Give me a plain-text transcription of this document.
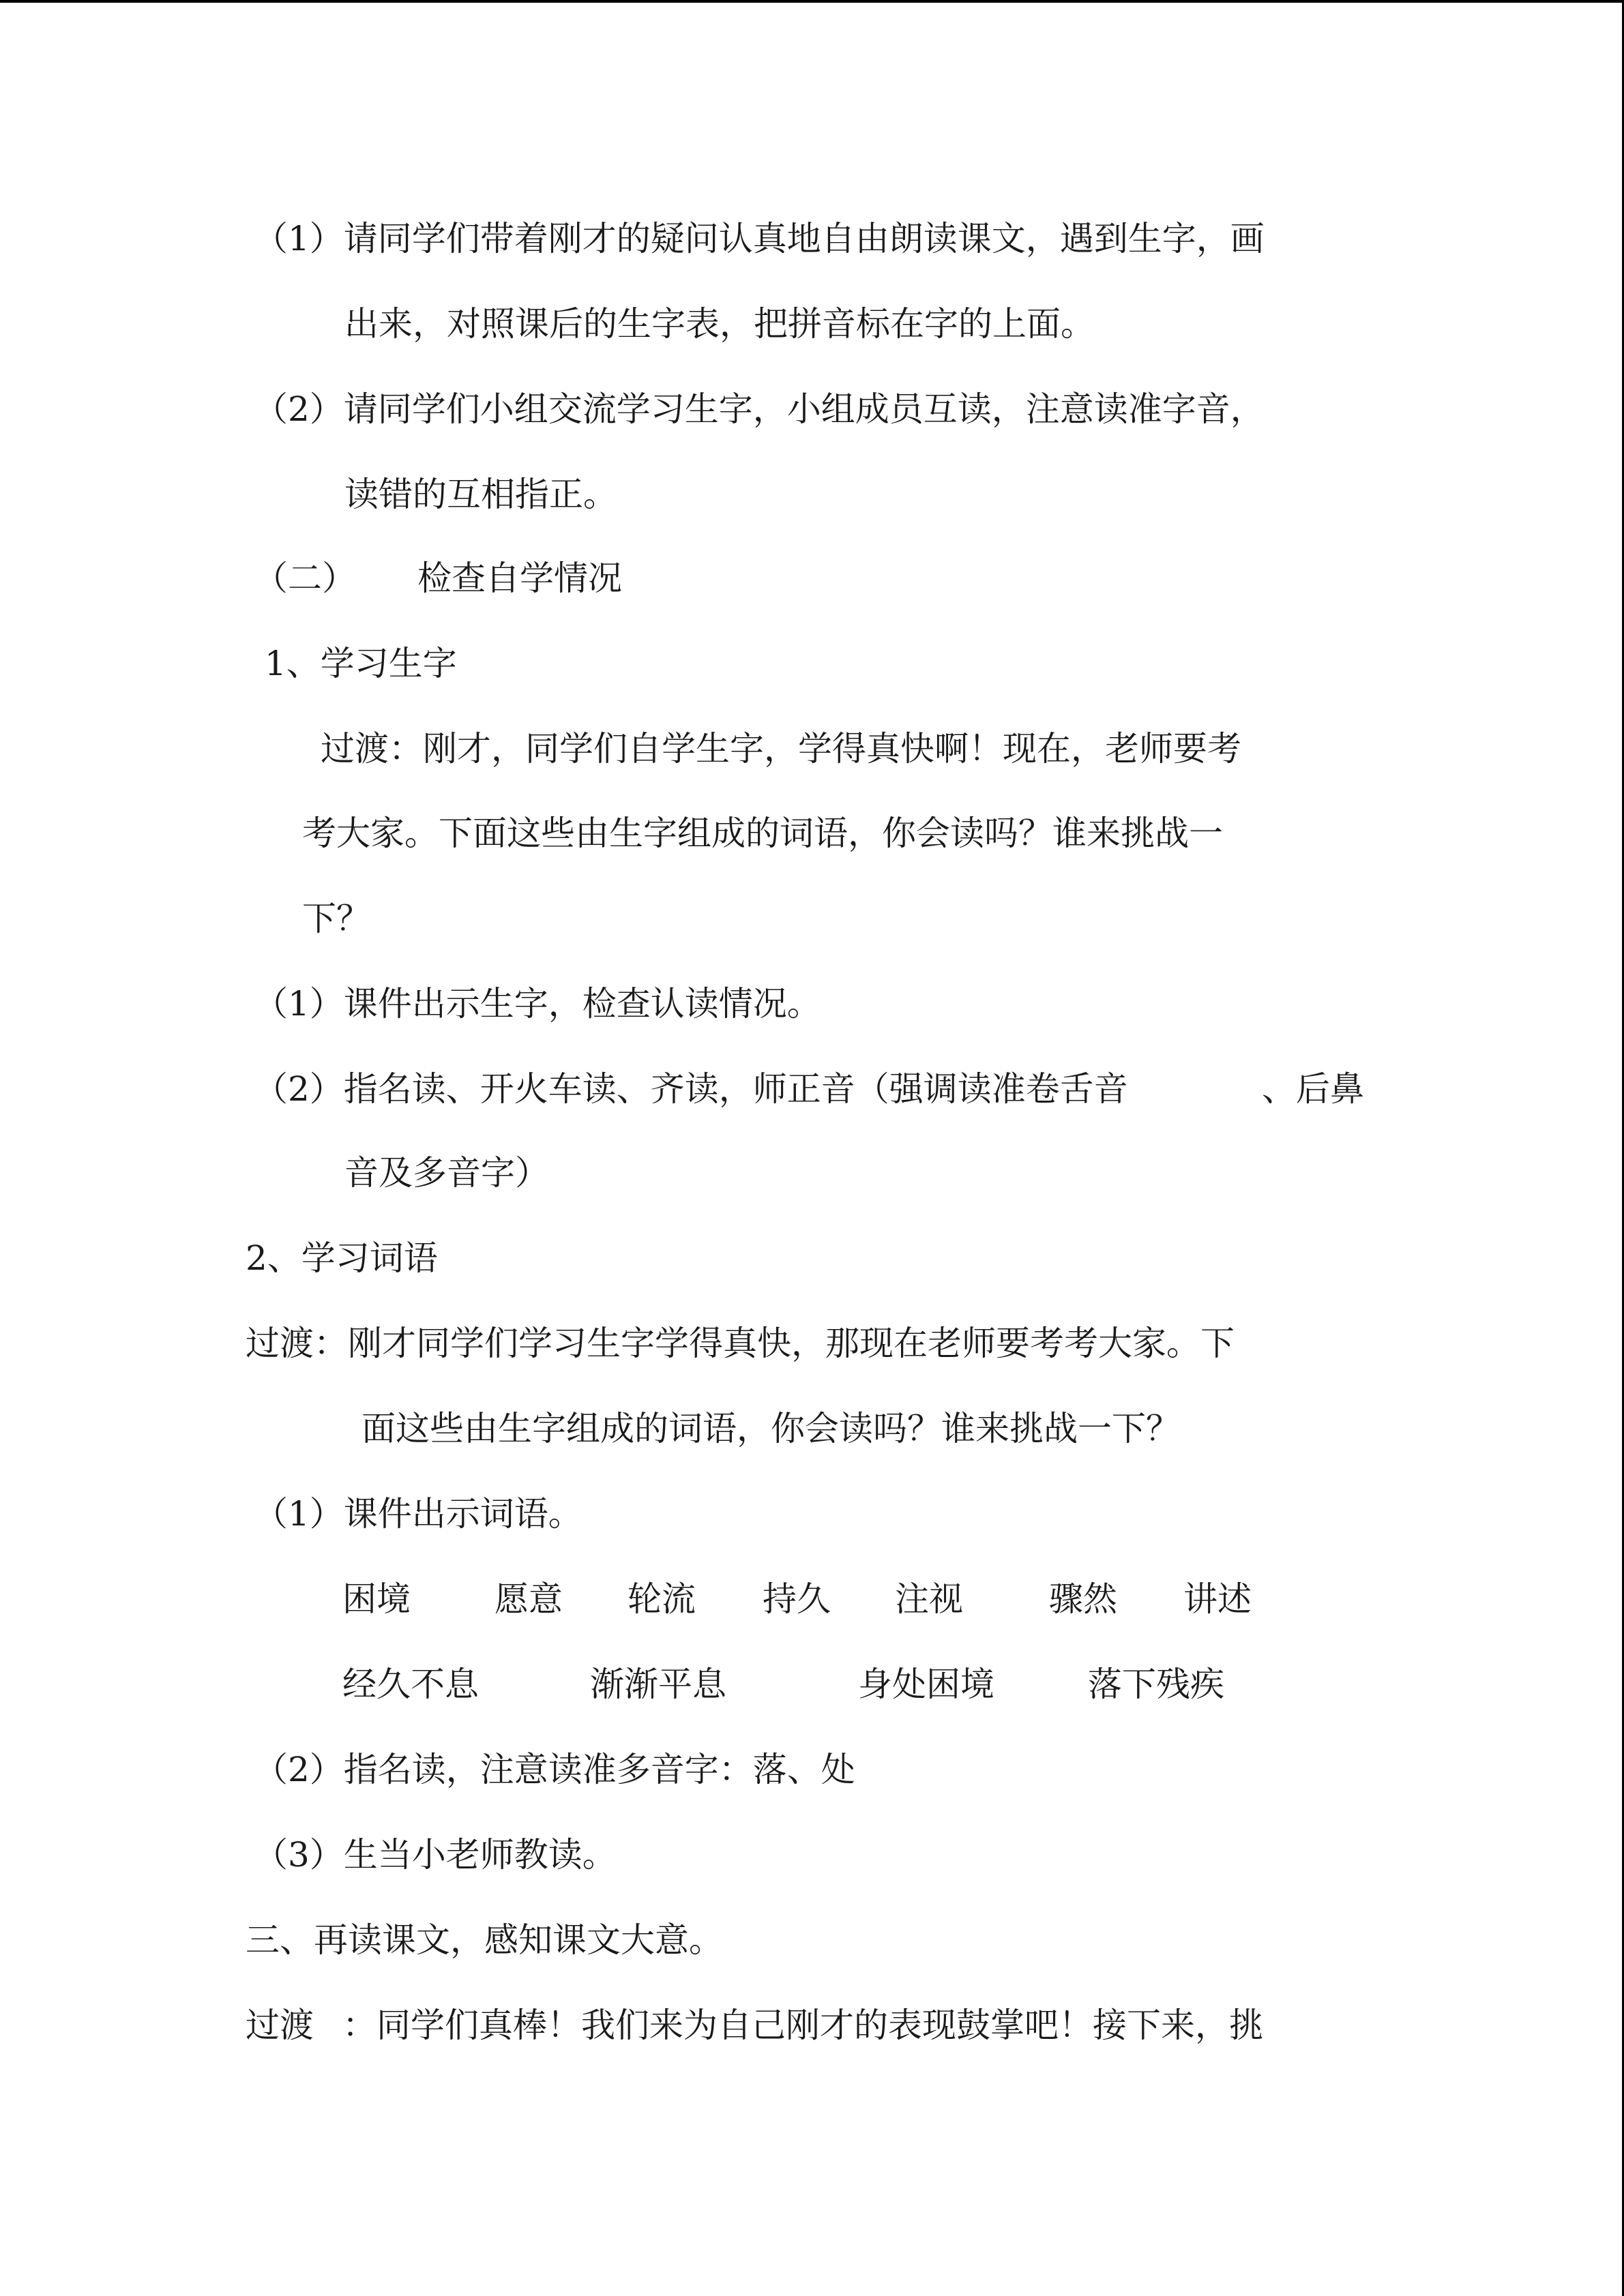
（1）请同学们带着刚才的疑问认真地自由朗读课文，遇到生字，画
出来，对照课后的生字表，把拼音标在字的上面。
（2）请同学们小组交流学习生字，小组成员互读，注意读准字音，
读错的互相指正。
（二） 检查自学情况
1、学习生字
过渡：刚才，同学们自学生字，学得真快啊！现在，老师要考
考大家。下面这些由生字组成的词语，你会读吗？谁来挑战一
下？
（1）课件出示生字，检查认读情况。
（2）指名读、开火车读、齐读，师正音（强调读准卷舌音	、后鼻
音及多音字）
2、学习词语
过渡：刚才同学们学习生字学得真快，那现在老师要考考大家。下
面这些由生字组成的词语，你会读吗？谁来挑战一下？
（1）课件出示词语。
困境 愿意 轮流 持久 注视	骤然 讲述
经久不息	渐渐平息	身处困境	落下残疾
（2）指名读，注意读准多音字：落、处
（3）生当小老师教读。
三、再读课文，感知课文大意。
过渡 ：同学们真棒！我们来为自己刚才的表现鼓掌吧！接下来，挑
